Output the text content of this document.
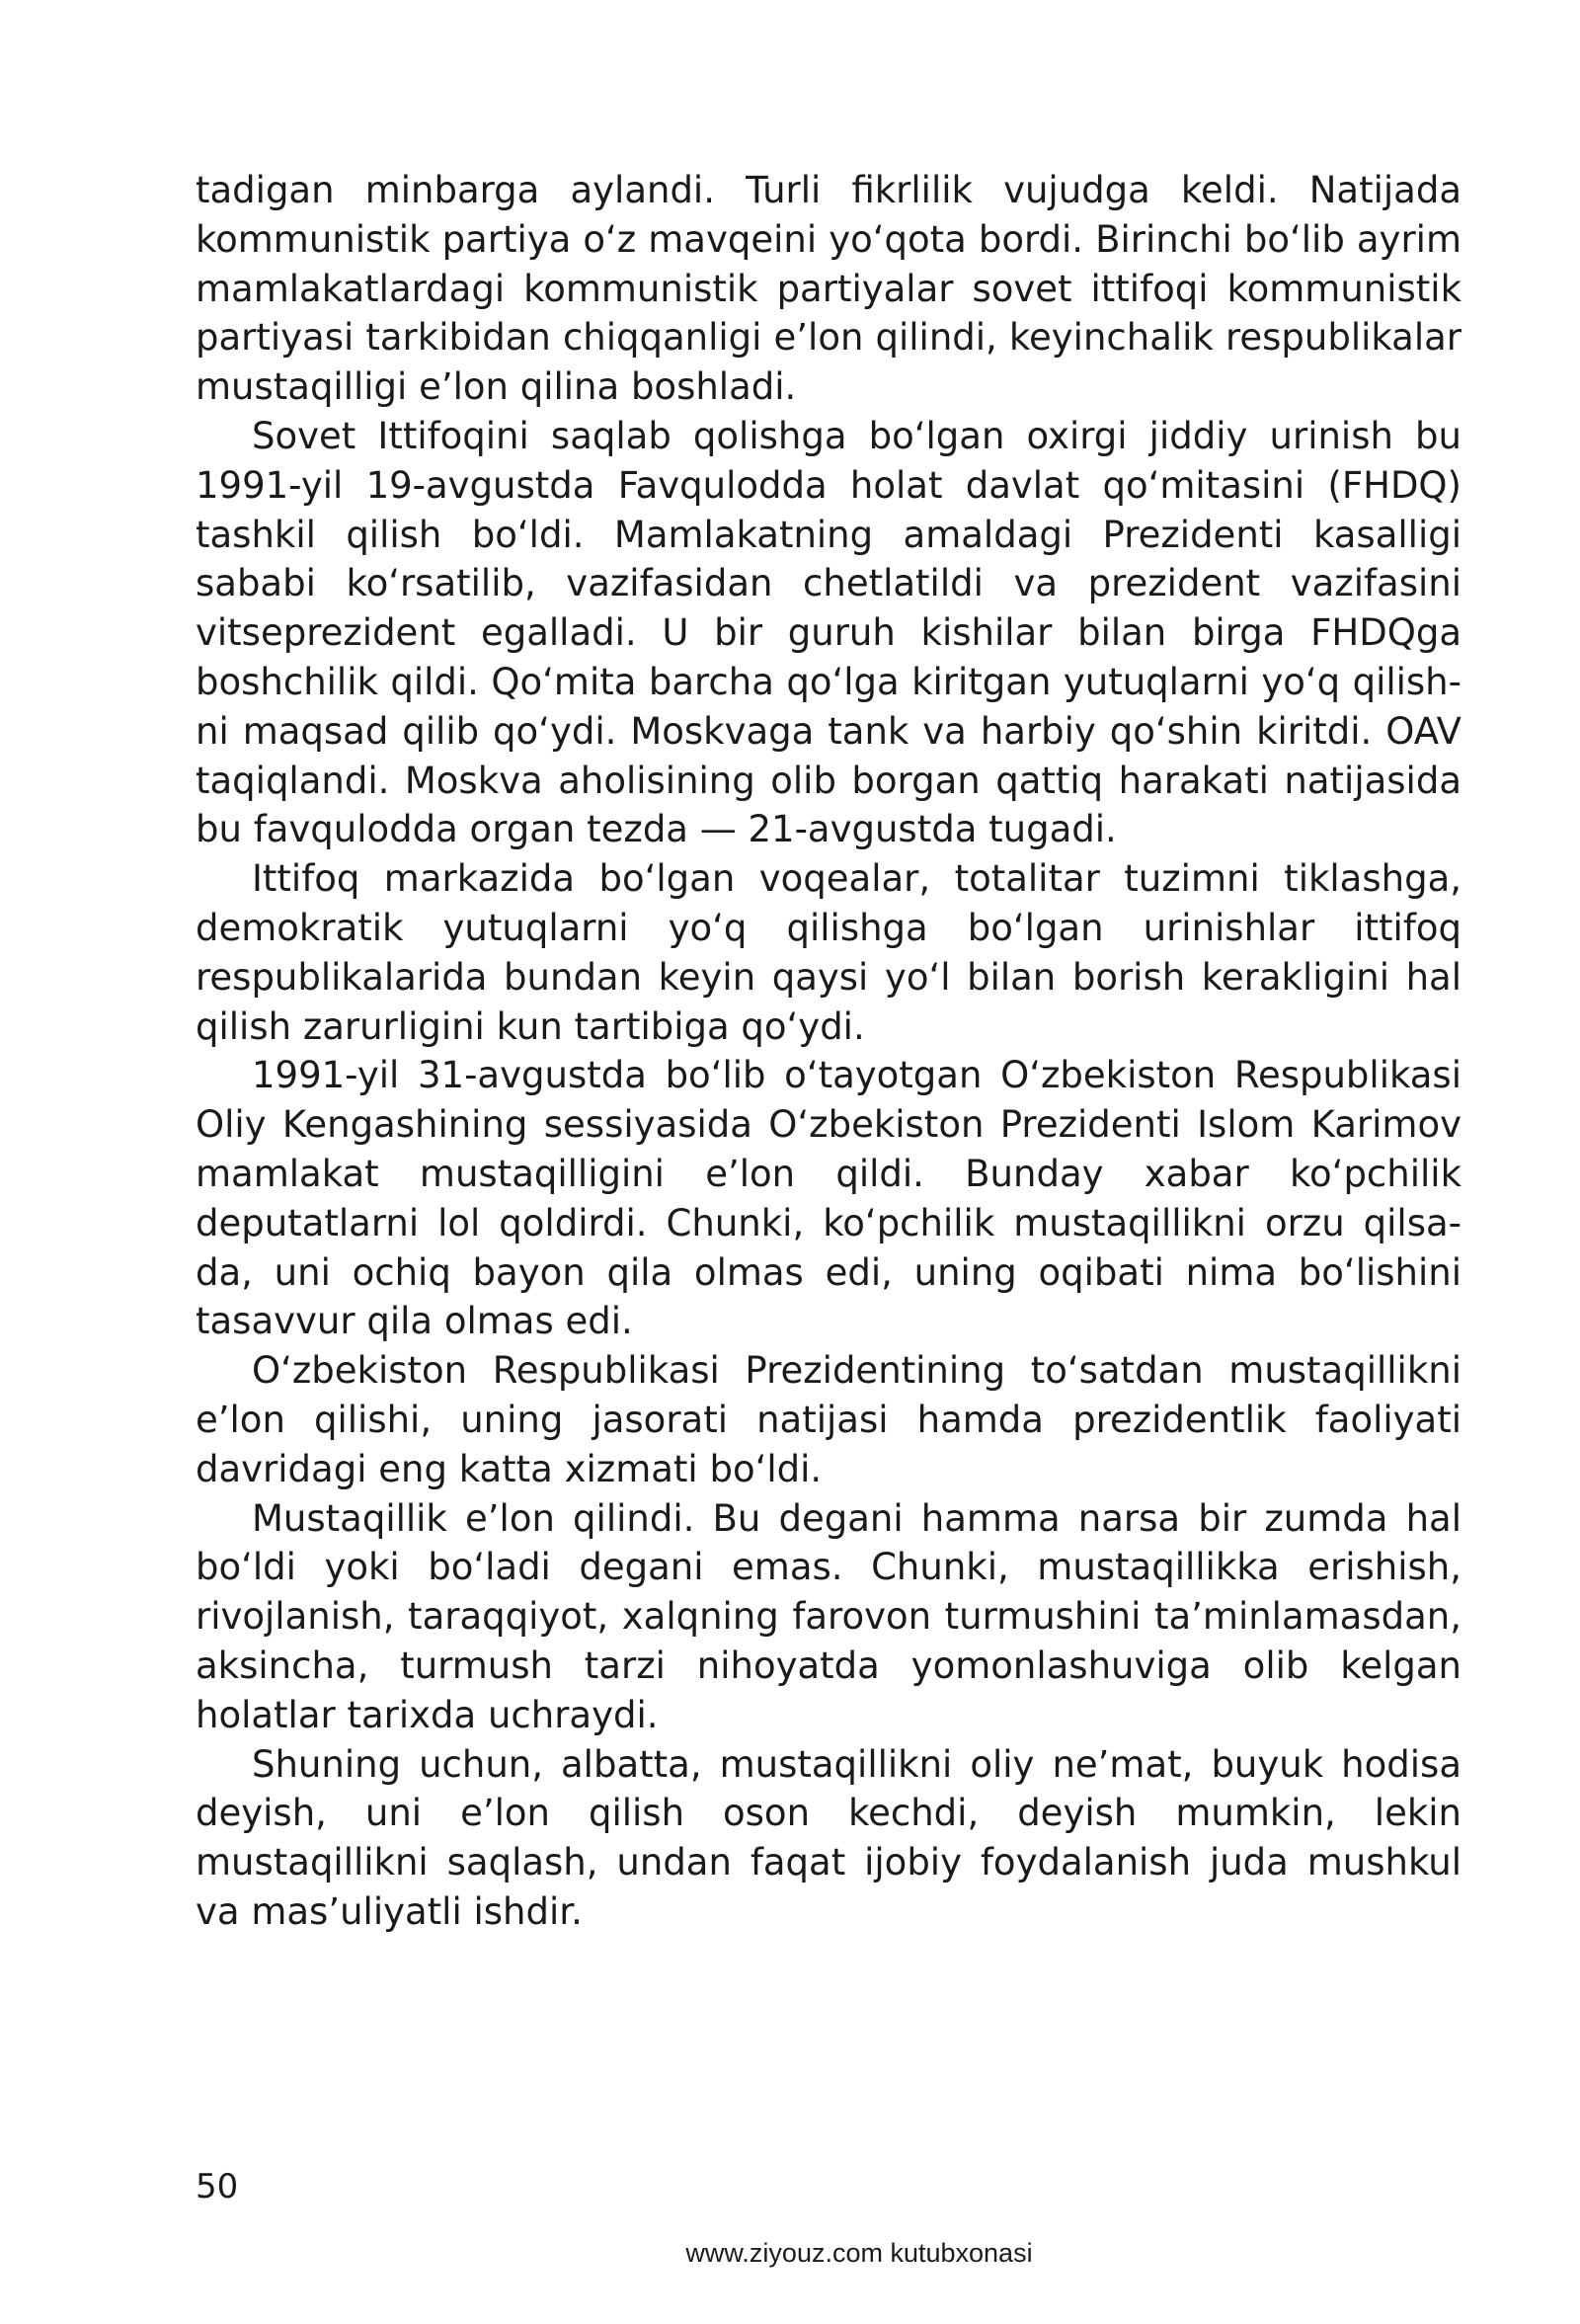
tadigan minbarga aylandi. Turli fikrlilik vujudga keldi. Natijada kommunistik partiya o‘z mavqeini yo‘qota bordi. Birinchi bo‘lib ayrim mamlakatlardagi kommunistik partiyalar sovet ittifoqi kommunistik partiyasi tarkibidan chiqqanligi e’lon qilindi, keyinchalik respublikalar mustaqilligi e’lon qilina boshladi.

Sovet Ittifoqini saqlab qolishga bo‘lgan oxirgi jiddiy urinish bu 1991-yil 19-avgustda Favqulodda holat davlat qo‘mitasini (FHDQ) tashkil qilish bo‘ldi. Mamlakatning amaldagi Prezidenti kasalligi sababi ko‘rsatilib, vazifasidan chetlatildi va prezident vazifasini vitseprezident egalladi. U bir guruh kishilar bilan birga FHDQga boshchilik qildi. Qo‘mita barcha qo‘lga kiritgan yutuqlarni yo‘q qilishni maqsad qilib qo‘ydi. Moskvaga tank va harbiy qo‘shin kiritdi. OAV taqiqlandi. Moskva aholisining olib borgan qattiq harakati natijasida bu favqulodda organ tezda — 21-avgustda tugadi.

Ittifoq markazida bo‘lgan voqealar, totalitar tuzimni tiklashga, demokratik yutuqlarni yo‘q qilishga bo‘lgan urinishlar ittifoq respublikalarida bundan keyin qaysi yo‘l bilan borish kerakligini hal qilish zarurligini kun tartibiga qo‘ydi.

1991-yil 31-avgustda bo‘lib o‘tayotgan O‘zbekiston Respublikasi Oliy Kengashining sessiyasida O‘zbekiston Prezidenti Islom Karimov mamlakat mustaqilligini e’lon qildi. Bunday xabar ko‘pchilik deputatlarni lol qoldirdi. Chunki, ko‘pchilik mustaqillikni orzu qilsa-da, uni ochiq bayon qila olmas edi, uning oqibati nima bo‘lishini tasavvur qila olmas edi.

O‘zbekiston Respublikasi Prezidentining to‘satdan mustaqillikni e’lon qilishi, uning jasorati natijasi hamda prezidentlik faoliyati davridagi eng katta xizmati bo‘ldi.

Mustaqillik e’lon qilindi. Bu degani hamma narsa bir zumda hal bo‘ldi yoki bo‘ladi degani emas. Chunki, mustaqillikka erishish, rivojlanish, taraqqiyot, xalqning farovon turmushini ta’minlamasdan, aksincha, turmush tarzi nihoyatda yomonlashuviga olib kelgan holatlar tarixda uchraydi.

Shuning uchun, albatta, mustaqillikni oliy ne’mat, buyuk hodisa deyish, uni e’lon qilish oson kechdi, deyish mumkin, lekin mustaqillikni saqlash, undan faqat ijobiy foydalanish juda mushkul va mas’uliyatli ishdir.

50
www.ziyouz.com kutubxonasi
